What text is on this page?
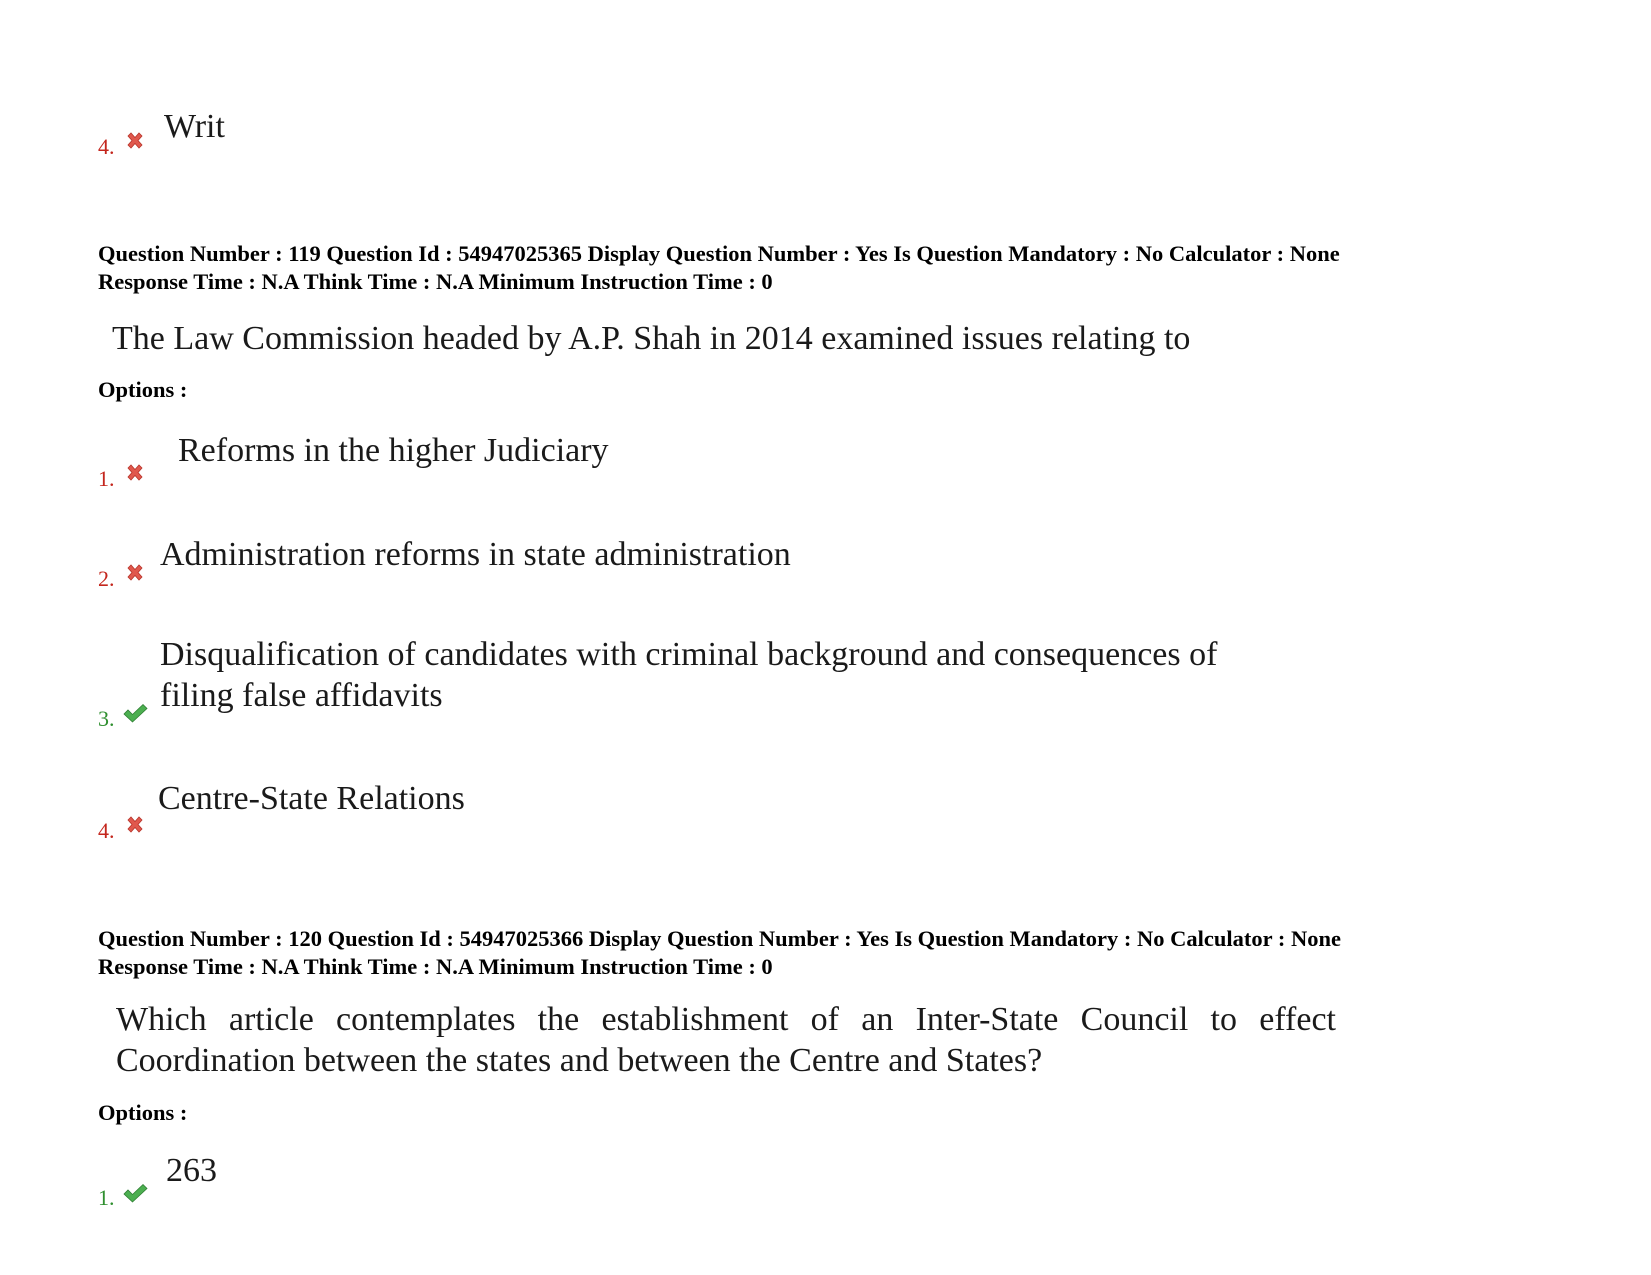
4.
Writ
Question Number : 119 Question Id : 54947025365 Display Question Number : Yes Is Question Mandatory : No Calculator : None
Response Time : N.A Think Time : N.A Minimum Instruction Time : 0
The Law Commission headed by A.P. Shah in 2014 examined issues relating to
Options :
1.
Reforms in the higher Judiciary
2.
Administration reforms in state administration
3.
Disqualification of candidates with criminal background and consequences of
filing false affidavits
4.
Centre-State Relations
Question Number : 120 Question Id : 54947025366 Display Question Number : Yes Is Question Mandatory : No Calculator : None
Response Time : N.A Think Time : N.A Minimum Instruction Time : 0
Which article contemplates the establishment of an Inter-State Council to effect
Coordination between the states and between the Centre and States?
Options :
1.
263
